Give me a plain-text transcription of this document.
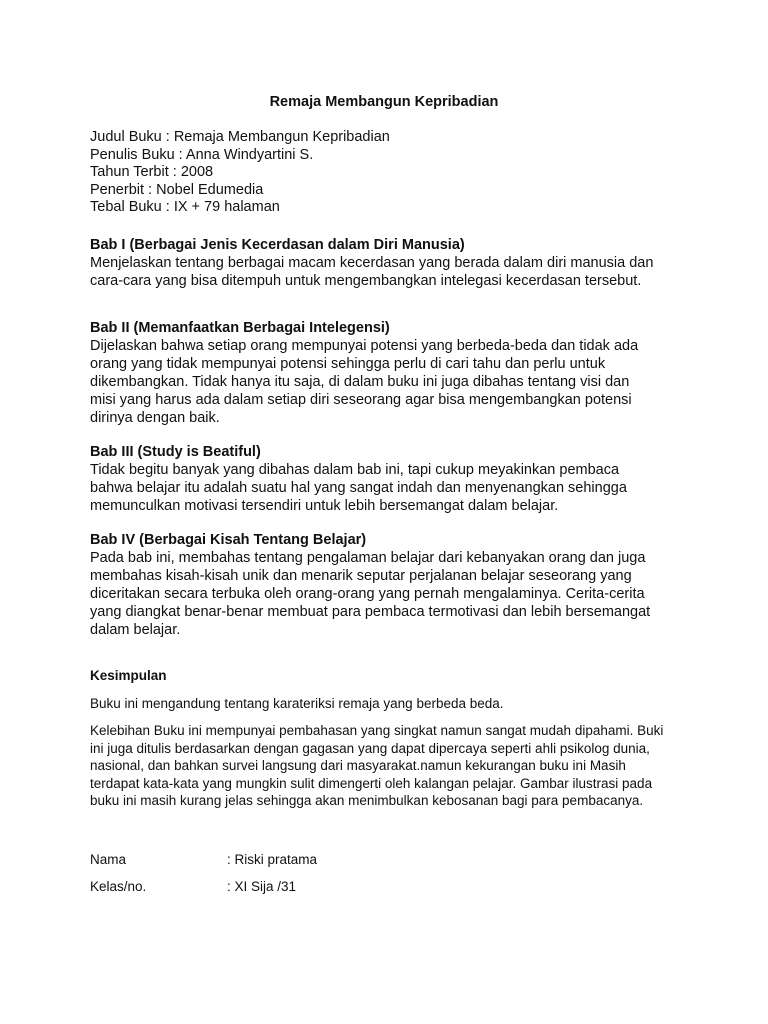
Remaja Membangun Kepribadian
Judul Buku : Remaja Membangun Kepribadian
Penulis Buku : Anna Windyartini S.
Tahun Terbit : 2008
Penerbit : Nobel Edumedia
Tebal Buku : IX + 79 halaman
Bab I (Berbagai Jenis Kecerdasan dalam Diri Manusia)
Menjelaskan tentang berbagai macam kecerdasan yang berada dalam diri manusia dan
cara-cara yang bisa ditempuh untuk mengembangkan intelegasi kecerdasan tersebut.
Bab II (Memanfaatkan Berbagai Intelegensi)
Dijelaskan bahwa setiap orang mempunyai potensi yang berbeda-beda dan tidak ada
orang yang tidak mempunyai potensi sehingga perlu di cari tahu dan perlu untuk
dikembangkan. Tidak hanya itu saja, di dalam buku ini juga dibahas tentang visi dan
misi yang harus ada dalam setiap diri seseorang agar bisa mengembangkan potensi
dirinya dengan baik.
Bab III (Study is Beatiful)
Tidak begitu banyak yang dibahas dalam bab ini, tapi cukup meyakinkan pembaca
bahwa belajar itu adalah suatu hal yang sangat indah dan menyenangkan sehingga
memunculkan motivasi tersendiri untuk lebih bersemangat dalam belajar.
Bab IV (Berbagai Kisah Tentang Belajar)
Pada bab ini, membahas tentang pengalaman belajar dari kebanyakan orang dan juga
membahas kisah-kisah unik dan menarik seputar perjalanan belajar seseorang yang
diceritakan secara terbuka oleh orang-orang yang pernah mengalaminya. Cerita-cerita
yang diangkat benar-benar membuat para pembaca termotivasi dan lebih bersemangat
dalam belajar.
Kesimpulan
Buku ini mengandung tentang karateriksi remaja yang berbeda beda.
Kelebihan Buku ini mempunyai pembahasan yang singkat namun sangat mudah dipahami. Buki
ini juga ditulis berdasarkan dengan gagasan yang dapat dipercaya seperti ahli psikolog dunia,
nasional, dan bahkan survei langsung dari masyarakat.namun kekurangan buku ini Masih
terdapat kata-kata yang mungkin sulit dimengerti oleh kalangan pelajar. Gambar ilustrasi pada
buku ini masih kurang jelas sehingga akan menimbulkan kebosanan bagi para pembacanya.
Nama	: Riski pratama
Kelas/no.	: XI Sija /31
